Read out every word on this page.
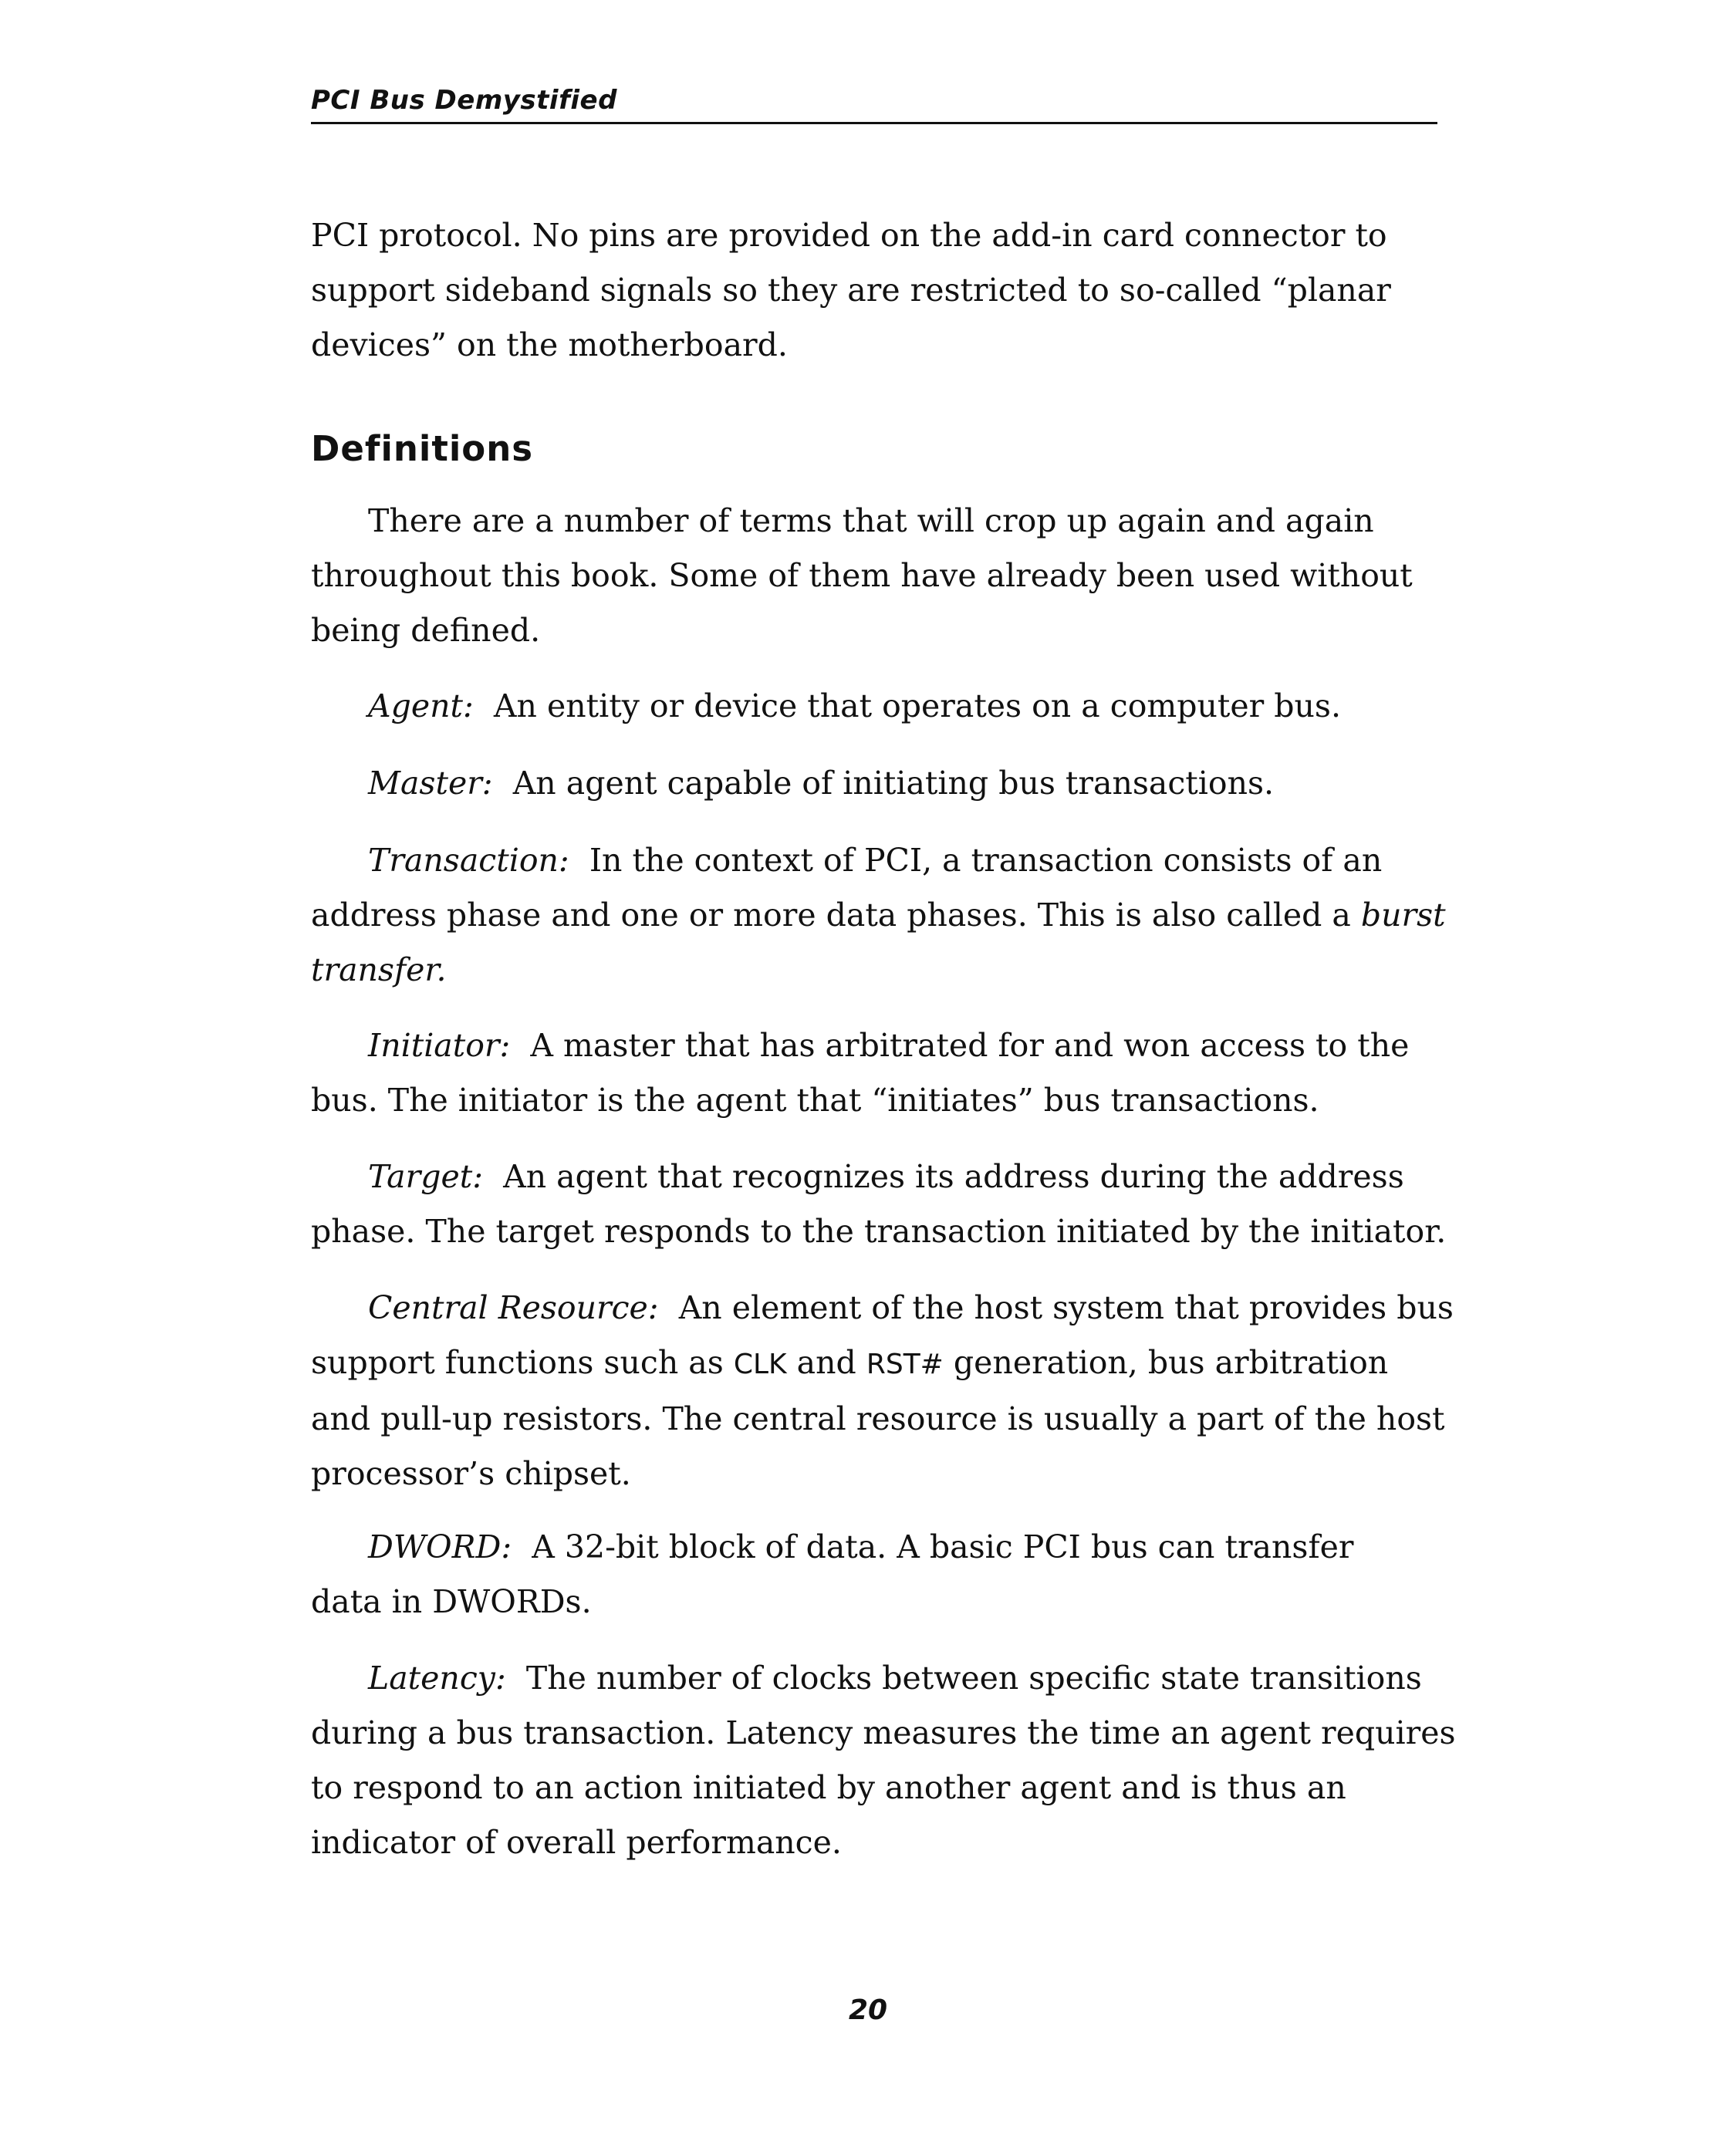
PCI Bus Demystified

PCI protocol. No pins are provided on the add-in card connector to
support sideband signals so they are restricted to so-called “planar
devices” on the motherboard.

Definitions

There are a number of terms that will crop up again and again
throughout this book. Some of them have already been used without
being defined.

Agent: An entity or device that operates on a computer bus.

Master: An agent capable of initiating bus transactions.

Transaction: In the context of PCI, a transaction consists of an
address phase and one or more data phases. This is also called a burst
transfer.

Initiator: A master that has arbitrated for and won access to the
bus. The initiator is the agent that “initiates” bus transactions.

Target: An agent that recognizes its address during the address
phase. The target responds to the transaction initiated by the initiator.

Central Resource: An element of the host system that provides bus
support functions such as CLK and RST# generation, bus arbitration
and pull-up resistors. The central resource is usually a part of the host
processor’s chipset.

DWORD: A 32-bit block of data. A basic PCI bus can transfer
data in DWORDs.

Latency: The number of clocks between specific state transitions
during a bus transaction. Latency measures the time an agent requires
to respond to an action initiated by another agent and is thus an
indicator of overall performance.

20
